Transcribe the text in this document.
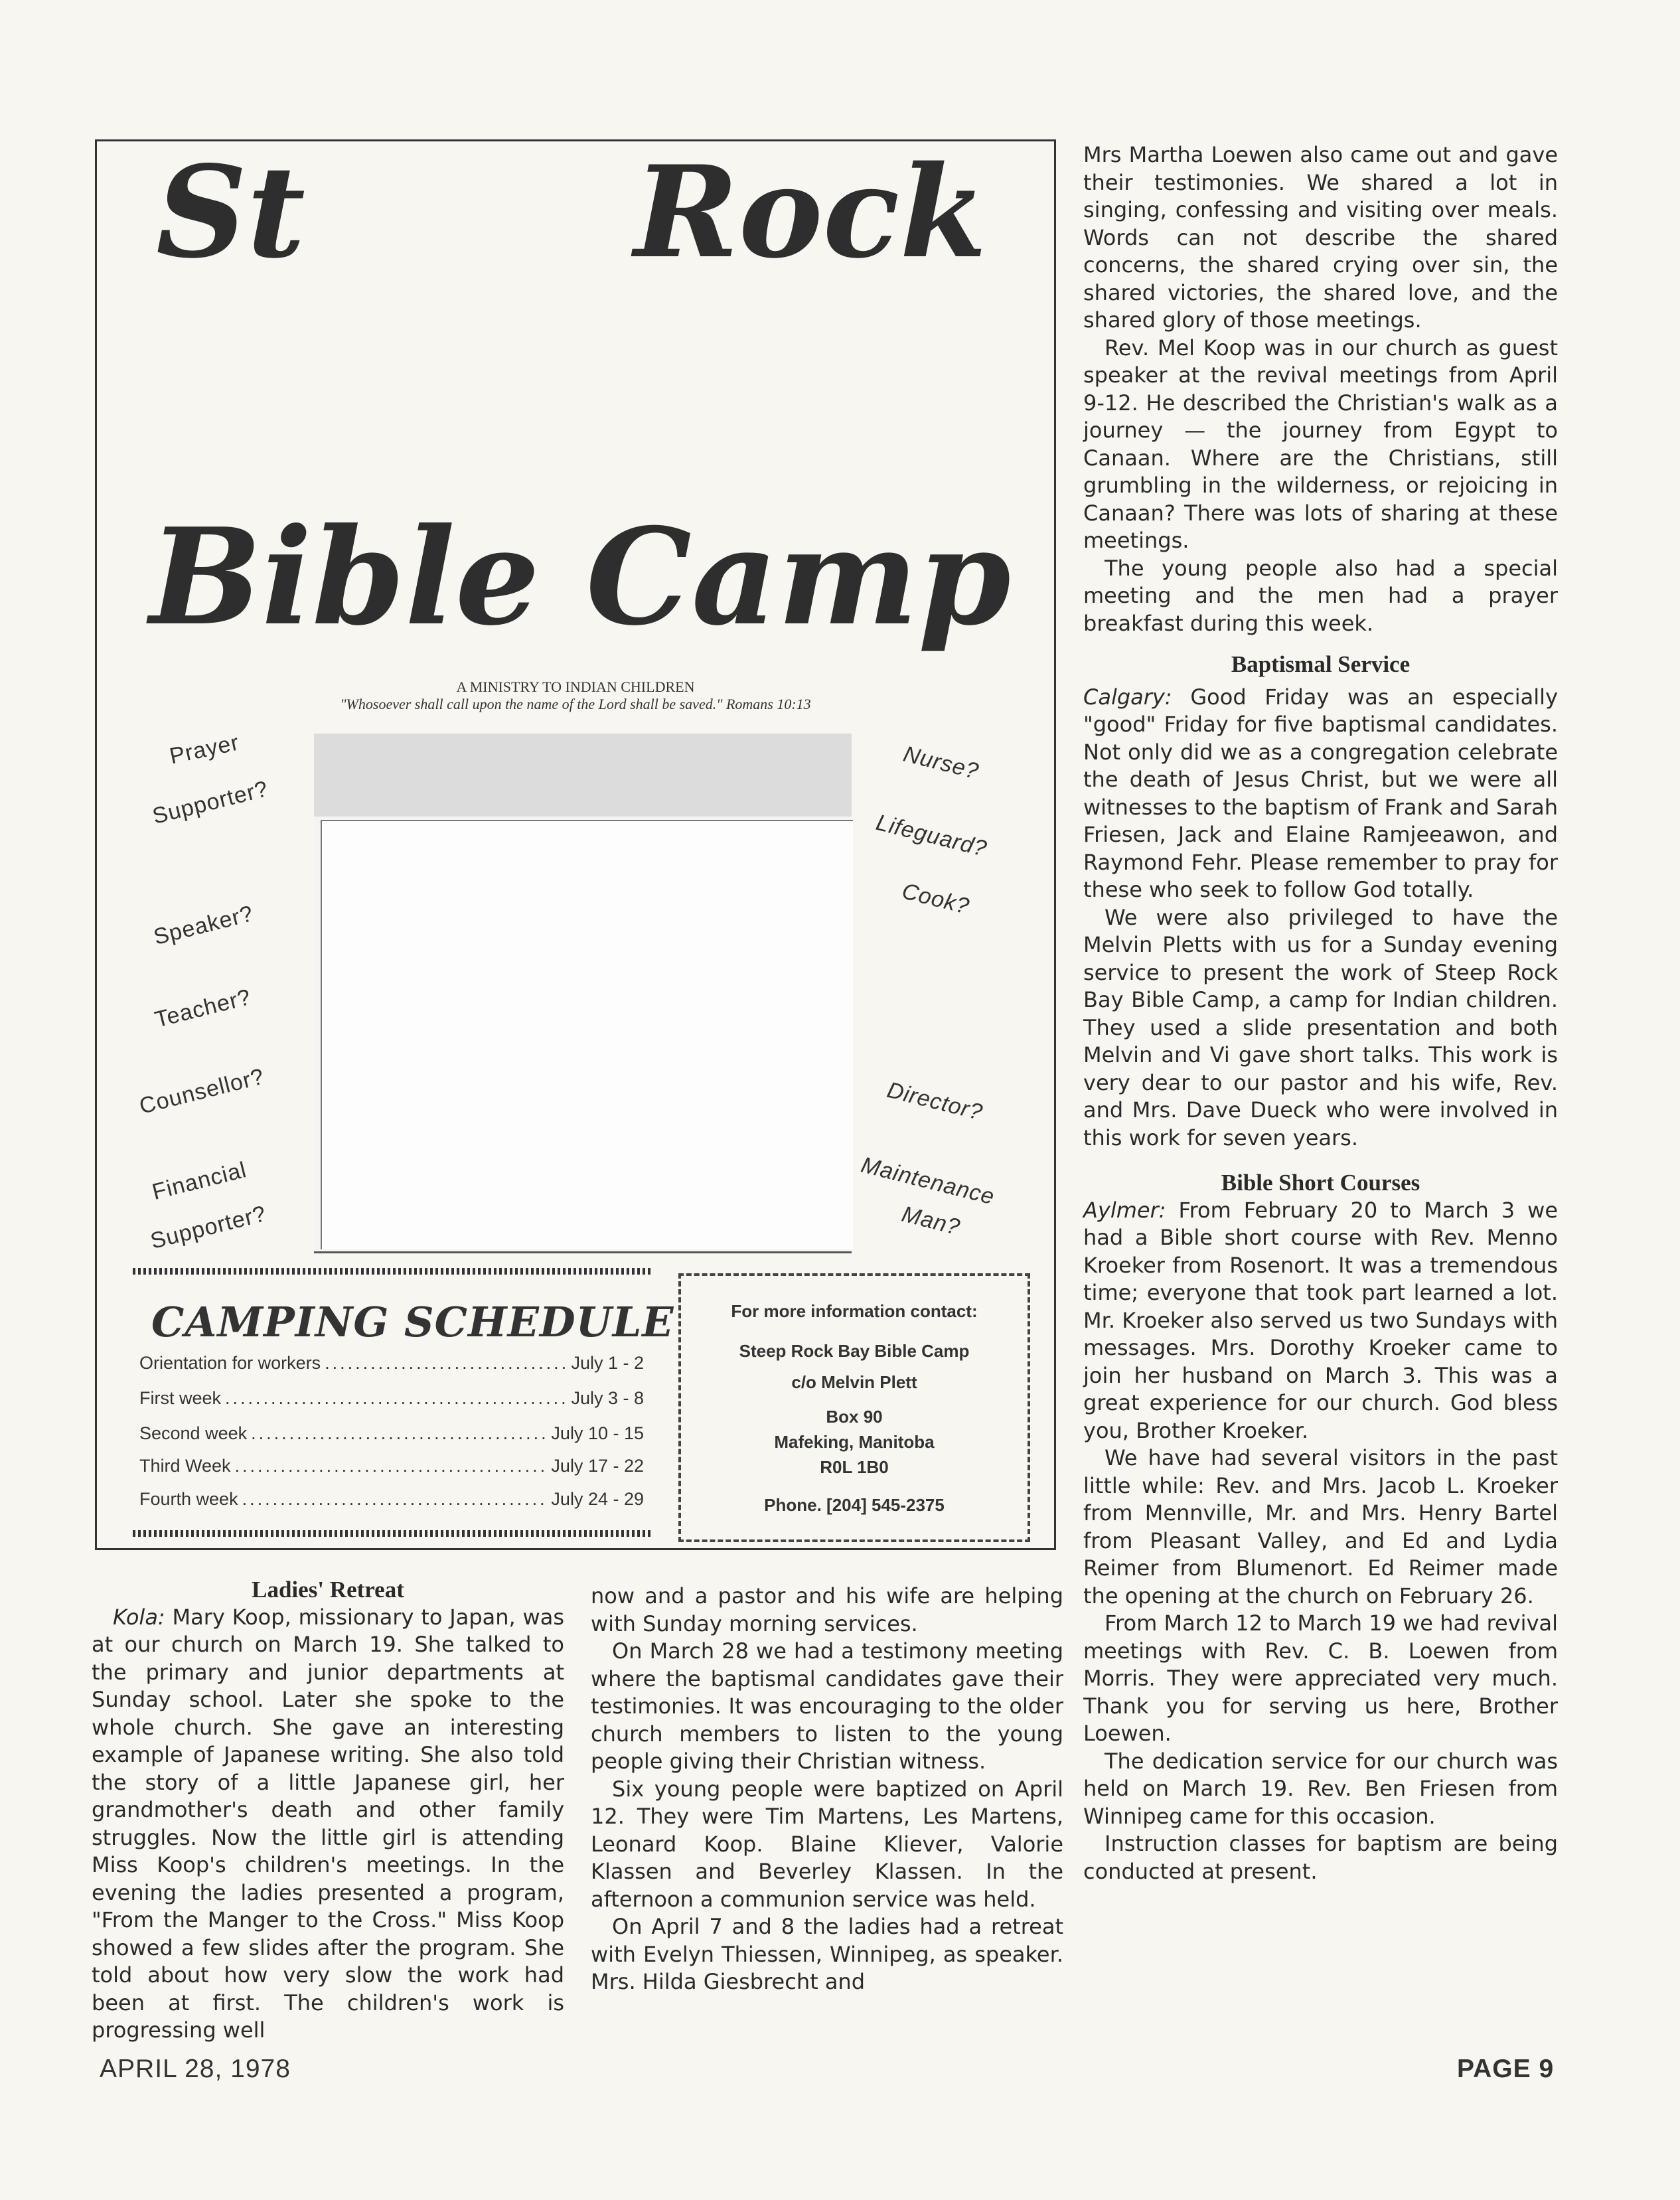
St	Rock
Bible Camp
A MINISTRY TO INDIAN CHILDREN
"Whosoever shall call upon the name of the Lord shall be saved." Romans 10:13
Prayer
Supporter?
Speaker?
Teacher?
Counsellor?
Financial
Supporter?
Nurse?
Lifeguard?
Cook?
Director?
Maintenance
Man?
CAMPING SCHEDULE
Orientation for workers .....	July 1 - 2
First week .....	July 3 - 8
Second week .....	July 10 - 15
Third Week .....	July 17 - 22
Fourth week .....	July 24 - 29
For more information contact:
Steep Rock Bay Bible Camp
c/o Melvin Plett
Box 90
Mafeking, Manitoba
R0L 1B0
Phone. [204] 545-2375

Ladies' Retreat

Kola: Mary Koop, missionary to Japan, was at our church on March 19. She talked to the primary and junior departments at Sunday school. Later she spoke to the whole church. She gave an interesting example of Japanese writing. She also told the story of a little Japanese girl, her grandmother's death and other family struggles. Now the little girl is attending Miss Koop's children's meetings. In the evening the ladies presented a program, "From the Manger to the Cross." Miss Koop showed a few slides after the program. She told about how very slow the work had been at first. The children's work is progressing well

now and a pastor and his wife are helping with Sunday morning services.

On March 28 we had a testimony meeting where the baptismal candidates gave their testimonies. It was encouraging to the older church members to listen to the young people giving their Christian witness.

Six young people were baptized on April 12. They were Tim Martens, Les Martens, Leonard Koop. Blaine Kliever, Valorie Klassen and Beverley Klassen. In the afternoon a communion service was held.

On April 7 and 8 the ladies had a retreat with Evelyn Thiessen, Winnipeg, as speaker. Mrs. Hilda Giesbrecht and

Mrs Martha Loewen also came out and gave their testimonies. We shared a lot in singing, confessing and visiting over meals. Words can not describe the shared concerns, the shared crying over sin, the shared victories, the shared love, and the shared glory of those meetings.

Rev. Mel Koop was in our church as guest speaker at the revival meetings from April 9-12. He described the Christian's walk as a journey — the journey from Egypt to Canaan. Where are the Christians, still grumbling in the wilderness, or rejoicing in Canaan? There was lots of sharing at these meetings.

The young people also had a special meeting and the men had a prayer breakfast during this week.

Baptismal Service

Calgary: Good Friday was an especially "good" Friday for five baptismal candidates. Not only did we as a congregation celebrate the death of Jesus Christ, but we were all witnesses to the baptism of Frank and Sarah Friesen, Jack and Elaine Ramjeeawon, and Raymond Fehr. Please remember to pray for these who seek to follow God totally.

We were also privileged to have the Melvin Pletts with us for a Sunday evening service to present the work of Steep Rock Bay Bible Camp, a camp for Indian children. They used a slide presentation and both Melvin and Vi gave short talks. This work is very dear to our pastor and his wife, Rev. and Mrs. Dave Dueck who were involved in this work for seven years.

Bible Short Courses

Aylmer: From February 20 to March 3 we had a Bible short course with Rev. Menno Kroeker from Rosenort. It was a tremendous time; everyone that took part learned a lot. Mr. Kroeker also served us two Sundays with messages. Mrs. Dorothy Kroeker came to join her husband on March 3. This was a great experience for our church. God bless you, Brother Kroeker.

We have had several visitors in the past little while: Rev. and Mrs. Jacob L. Kroeker from Mennville, Mr. and Mrs. Henry Bartel from Pleasant Valley, and Ed and Lydia Reimer from Blumenort. Ed Reimer made the opening at the church on February 26.

From March 12 to March 19 we had revival meetings with Rev. C. B. Loewen from Morris. They were appreciated very much. Thank you for serving us here, Brother Loewen.

The dedication service for our church was held on March 19. Rev. Ben Friesen from Winnipeg came for this occasion.

Instruction classes for baptism are being conducted at present.

APRIL 28, 1978	PAGE 9
